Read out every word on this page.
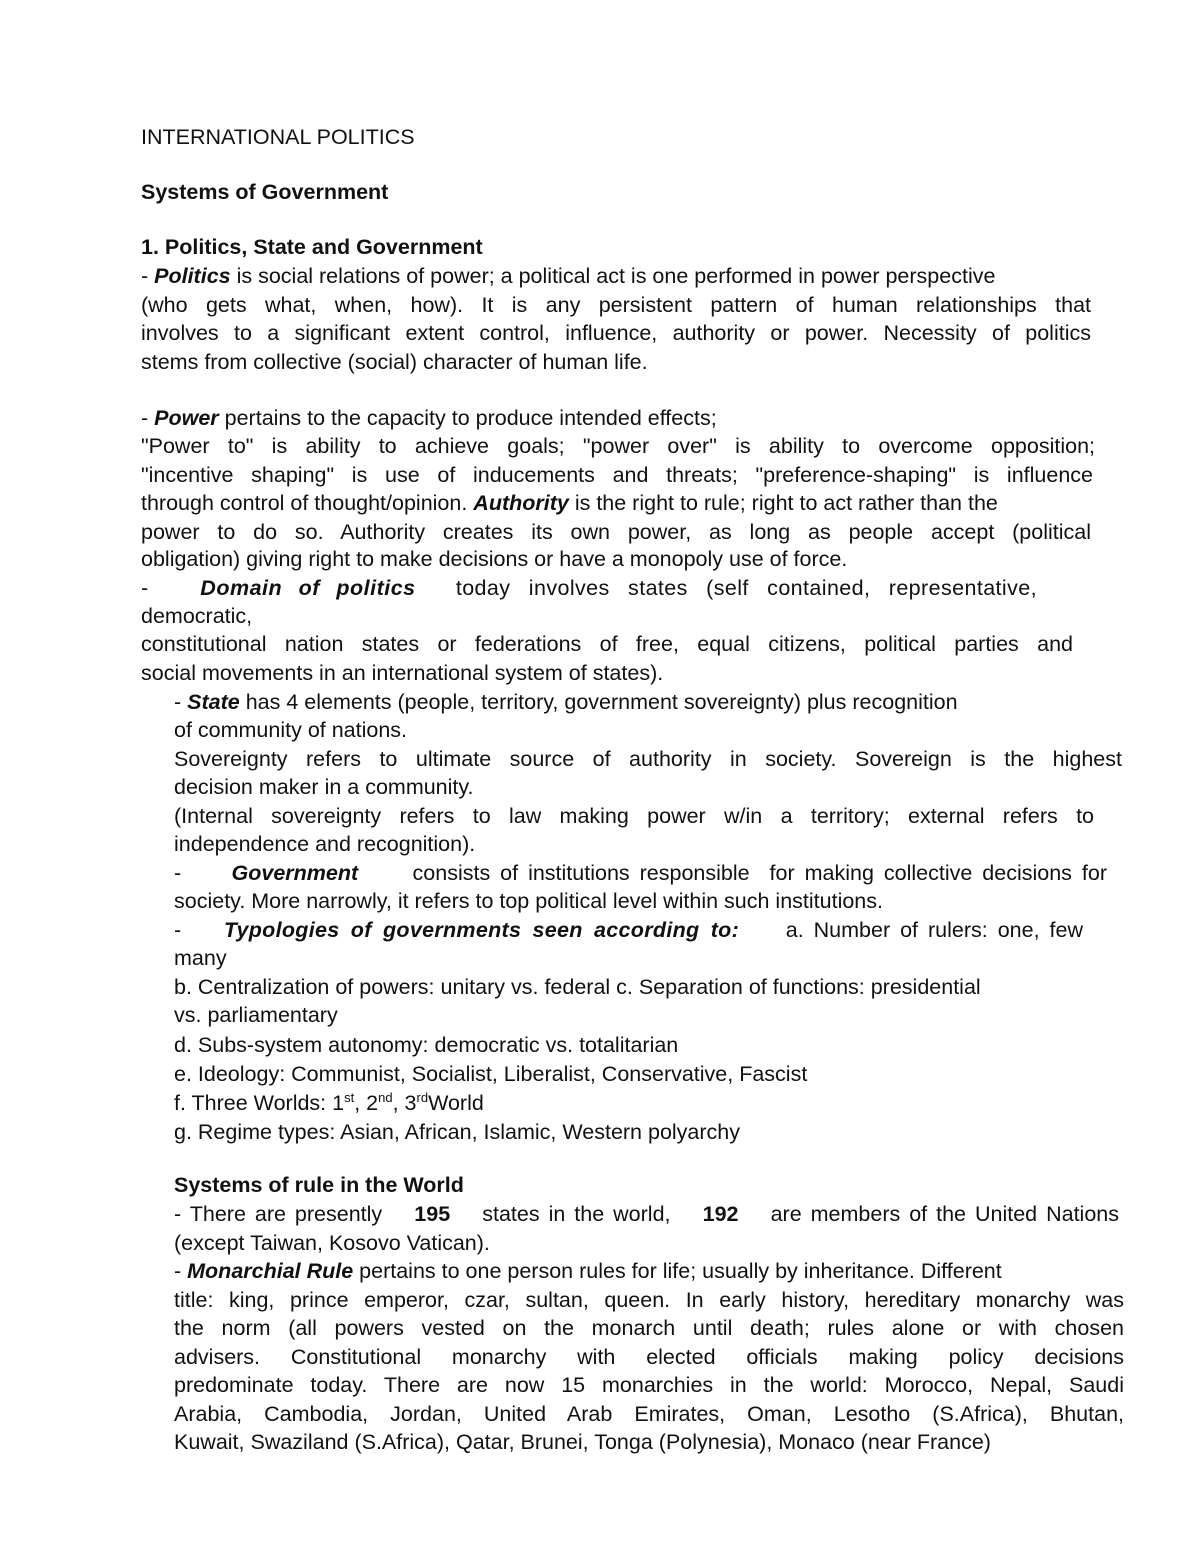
INTERNATIONAL POLITICS
Systems of Government
1. Politics, State and Government
- Politics is social relations of power; a political act is one performed in power perspective
(who gets what, when, how). It is any persistent pattern of human relationships that
involves to a significant extent control, influence, authority or power. Necessity of politics
stems from collective (social) character of human life.
- Power pertains to the capacity to produce intended effects;
"Power to" is ability to achieve goals; "power over" is ability to overcome opposition;
"incentive shaping" is use of inducements and threats; "preference-shaping" is influence
through control of thought/opinion. Authority is the right to rule; right to act rather than the
power to do so. Authority creates its own power, as long as people accept (political
obligation) giving right to make decisions or have a monopoly use of force.
- Domain of politics today involves states (self contained, representative,
democratic,
constitutional nation states or federations of free, equal citizens, political parties and
social movements in an international system of states).
- State has 4 elements (people, territory, government sovereignty) plus recognition
of community of nations.
Sovereignty refers to ultimate source of authority in society. Sovereign is the highest
decision maker in a community.
(Internal sovereignty refers to law making power w/in a territory; external refers to
independence and recognition).
- Government consists of institutions responsible  for making collective decisions for
society. More narrowly, it refers to top political level within such institutions.
- Typologies of governments seen according to: a. Number of rulers: one, few
many
b. Centralization of powers: unitary vs. federal c. Separation of functions: presidential
vs. parliamentary
d. Subs-system autonomy: democratic vs. totalitarian
e. Ideology: Communist, Socialist, Liberalist, Conservative, Fascist
f. Three Worlds: 1st, 2nd, 3rdWorld
g. Regime types: Asian, African, Islamic, Western polyarchy
Systems of rule in the World
- There are presently 195 states in the world, 192 are members of the United Nations
(except Taiwan, Kosovo Vatican).
- Monarchial Rule pertains to one person rules for life; usually by inheritance. Different
title: king, prince emperor, czar, sultan, queen. In early history, hereditary monarchy was
the norm (all powers vested on the monarch until death; rules alone or with chosen
advisers. Constitutional monarchy with elected officials making policy decisions
predominate today. There are now 15 monarchies in the world: Morocco, Nepal, Saudi
Arabia, Cambodia, Jordan, United Arab Emirates, Oman, Lesotho (S.Africa), Bhutan,
Kuwait, Swaziland (S.Africa), Qatar, Brunei, Tonga (Polynesia), Monaco (near France)
